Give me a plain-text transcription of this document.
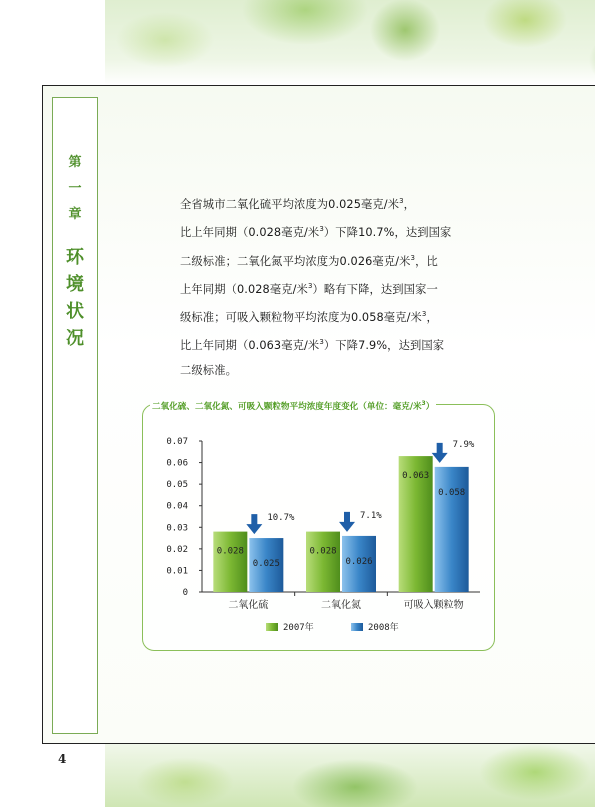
第
一
章
环
境
状
况
全省城市二氧化硫平均浓度为0.025毫克/米$^3$，
比上年同期（0.028毫克/米$^3$）下降10.7%，达到国家
二级标准；二氧化氮平均浓度为0.026毫克/米$^3$，比
上年同期（0.028毫克/米$^3$）略有下降，达到国家一
级标准；可吸入颗粒物平均浓度为0.058毫克/米$^3$，
比上年同期（0.063毫克/米$^3$）下降7.9%，达到国家
二级标准。
二氧化硫、二氧化氮、可吸入颗粒物平均浓度年度变化（单位：毫克/米$^3$）
0
0.01
0.02
0.03
0.04
0.05
0.06
0.07
0.028
0.025
10.7%
二氧化硫
0.028
0.026
7.1%
二氧化氮
0.063
0.058
7.9%
可吸入颗粒物
2007年	2008年
4
